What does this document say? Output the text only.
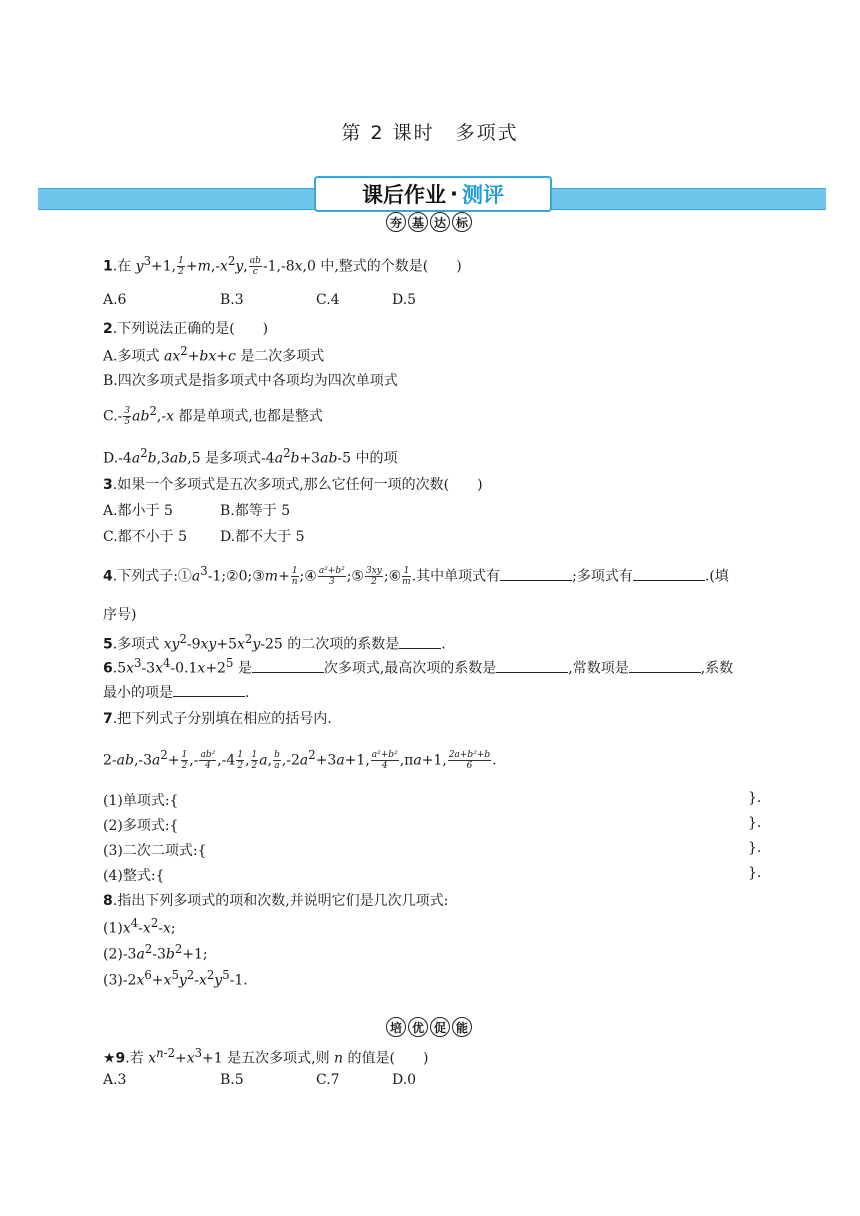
第 2 课时　多项式
课后作业 · 测评
夯 基 达 标
1.在 $y^3+1$, $\frac{1}{2} +m,-x^2y$, $\frac{ab}{c} -1,-8x,0$ 中,整式的个数是(　　)
A.6	B.3	C.4	D.5
2.下列说法正确的是(　　)
A.多项式 $ax^2+bx+c$ 是二次多项式
B.四次多项式是指多项式中各项均为四次单项式
$C.- \frac{3}{5} ab^2,-x$ 都是单项式,也都是整式
$D.-4a^2b,3ab,5$ 是多项式$-4a^2b+3ab-5$ 中的项
3.如果一个多项式是五次多项式,那么它任何一项的次数(　　)
A.都小于 5	B.都等于 5
C.都不小于 5 D.都不大于 5
4.下列式子$:①a^3-1;②0;③m+ \frac{1}{n}$ ;④ $\frac{\text{a²+b²}}{3}$ ;⑤ $\frac{3xy}{2}$ ;⑥ $\frac{1}{m}$ .其中单项式有	;多项式有	.(填
序号)
5.多项式 $xy^2-9xy+5x^2y-25$ 的二次项的系数是	.
$6.5x^3-3x^4-0.1x+2^5$ 是	次多项式,最高次项的系数是	,常数项是	,系数
最小的项是	.
7.把下列式子分别填在相应的括号内.
$2-ab,-3a^2+ \frac{1}{2}$ ,- $\frac{\text{ab²}}{4} ,-4 \frac{1}{2}$ , $\frac{1}{2} a$, $\frac{b}{a} ,-2a^2+3a+1$, $\frac{\text{a²+b²}}{4} ,\pi a+1$, $\frac{\text{2a+b²+b}}{6}$ .
(1)单项式:{	}.
(2)多项式:{	}.
(3)二次二项式:{	}.
(4)整式:{	}.
8.指出下列多项式的项和次数,并说明它们是几次几项式:
$(1)x^4-x^2-x$;
$(2)-3a^2-3b^2+1$;
$(3)-2x^6+x^5y^2-x^2y^5-1$.
培 优 促 能
★9.若 $x^{n-2}+x^3+1$ 是五次多项式,则 n 的值是(　　)
A.3	B.5	C.7	D.0
